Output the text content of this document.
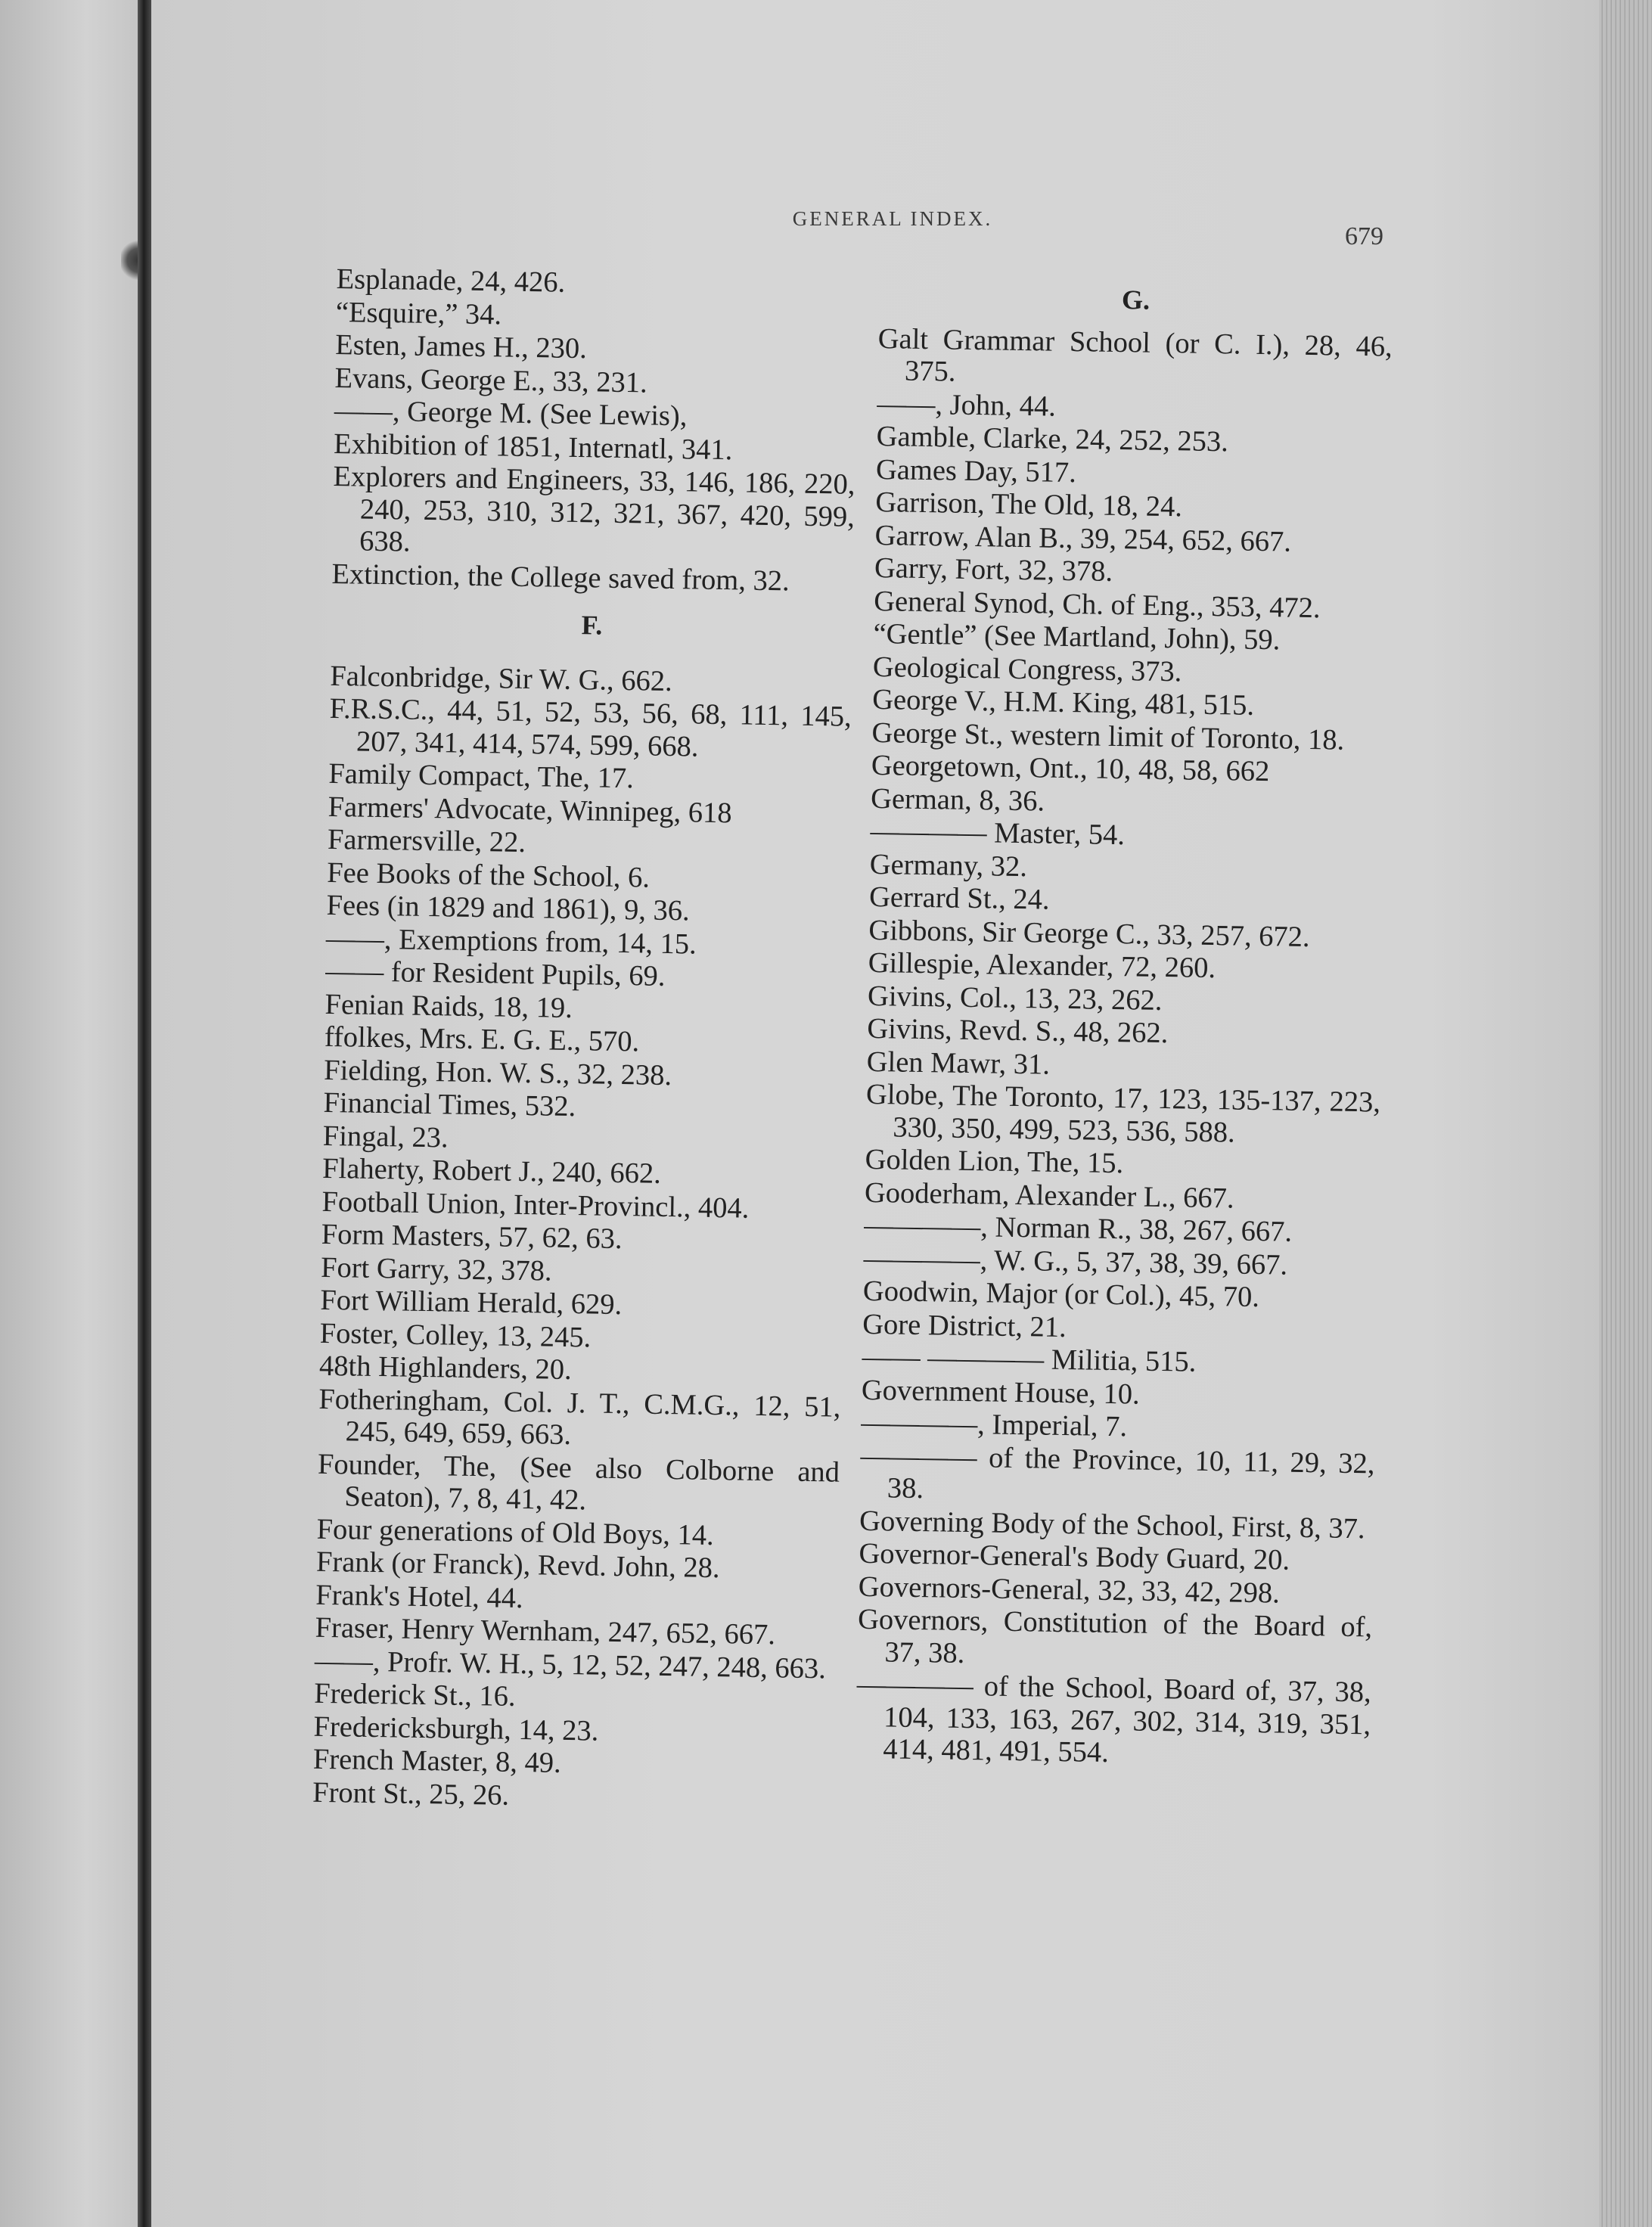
GENERAL INDEX.
679
Esplanade, 24, 426.
“Esquire,” 34.
Esten, James H., 230.
Evans, George E., 33, 231.
——, George M. (See Lewis),
Exhibition of 1851, Internatl, 341.
Explorers and Engineers, 33, 146, 186, 220, 240, 253, 310, 312, 321, 367, 420, 599, 638.
Extinction, the College saved from, 32.
F.
Falconbridge, Sir W. G., 662.
F.R.S.C., 44, 51, 52, 53, 56, 68, 111, 145, 207, 341, 414, 574, 599, 668.
Family Compact, The, 17.
Farmers' Advocate, Winnipeg, 618
Farmersville, 22.
Fee Books of the School, 6.
Fees (in 1829 and 1861), 9, 36.
——, Exemptions from, 14, 15.
—— for Resident Pupils, 69.
Fenian Raids, 18, 19.
ffolkes, Mrs. E. G. E., 570.
Fielding, Hon. W. S., 32, 238.
Financial Times, 532.
Fingal, 23.
Flaherty, Robert J., 240, 662.
Football Union, Inter-Provincl., 404.
Form Masters, 57, 62, 63.
Fort Garry, 32, 378.
Fort William Herald, 629.
Foster, Colley, 13, 245.
48th Highlanders, 20.
Fotheringham, Col. J. T., C.M.G., 12, 51, 245, 649, 659, 663.
Founder, The, (See also Colborne and Seaton), 7, 8, 41, 42.
Four generations of Old Boys, 14.
Frank (or Franck), Revd. John, 28.
Frank's Hotel, 44.
Fraser, Henry Wernham, 247, 652, 667.
——, Profr. W. H., 5, 12, 52, 247, 248, 663.
Frederick St., 16.
Fredericksburgh, 14, 23.
French Master, 8, 49.
Front St., 25, 26.
G.
Galt Grammar School (or C. I.), 28, 46, 375.
——, John, 44.
Gamble, Clarke, 24, 252, 253.
Games Day, 517.
Garrison, The Old, 18, 24.
Garrow, Alan B., 39, 254, 652, 667.
Garry, Fort, 32, 378.
General Synod, Ch. of Eng., 353, 472.
“Gentle” (See Martland, John), 59.
Geological Congress, 373.
George V., H.M. King, 481, 515.
George St., western limit of Toronto, 18.
Georgetown, Ont., 10, 48, 58, 662
German, 8, 36.
———— Master, 54.
Germany, 32.
Gerrard St., 24.
Gibbons, Sir George C., 33, 257, 672.
Gillespie, Alexander, 72, 260.
Givins, Col., 13, 23, 262.
Givins, Revd. S., 48, 262.
Glen Mawr, 31.
Globe, The Toronto, 17, 123, 135-137, 223, 330, 350, 499, 523, 536, 588.
Golden Lion, The, 15.
Gooderham, Alexander L., 667.
————, Norman R., 38, 267, 667.
————, W. G., 5, 37, 38, 39, 667.
Goodwin, Major (or Col.), 45, 70.
Gore District, 21.
—— ———— Militia, 515.
Government House, 10.
————, Imperial, 7.
———— of the Province, 10, 11, 29, 32, 38.
Governing Body of the School, First, 8, 37.
Governor-General's Body Guard, 20.
Governors-General, 32, 33, 42, 298.
Governors, Constitution of the Board of, 37, 38.
———— of the School, Board of, 37, 38, 104, 133, 163, 267, 302, 314, 319, 351, 414, 481, 491, 554.
